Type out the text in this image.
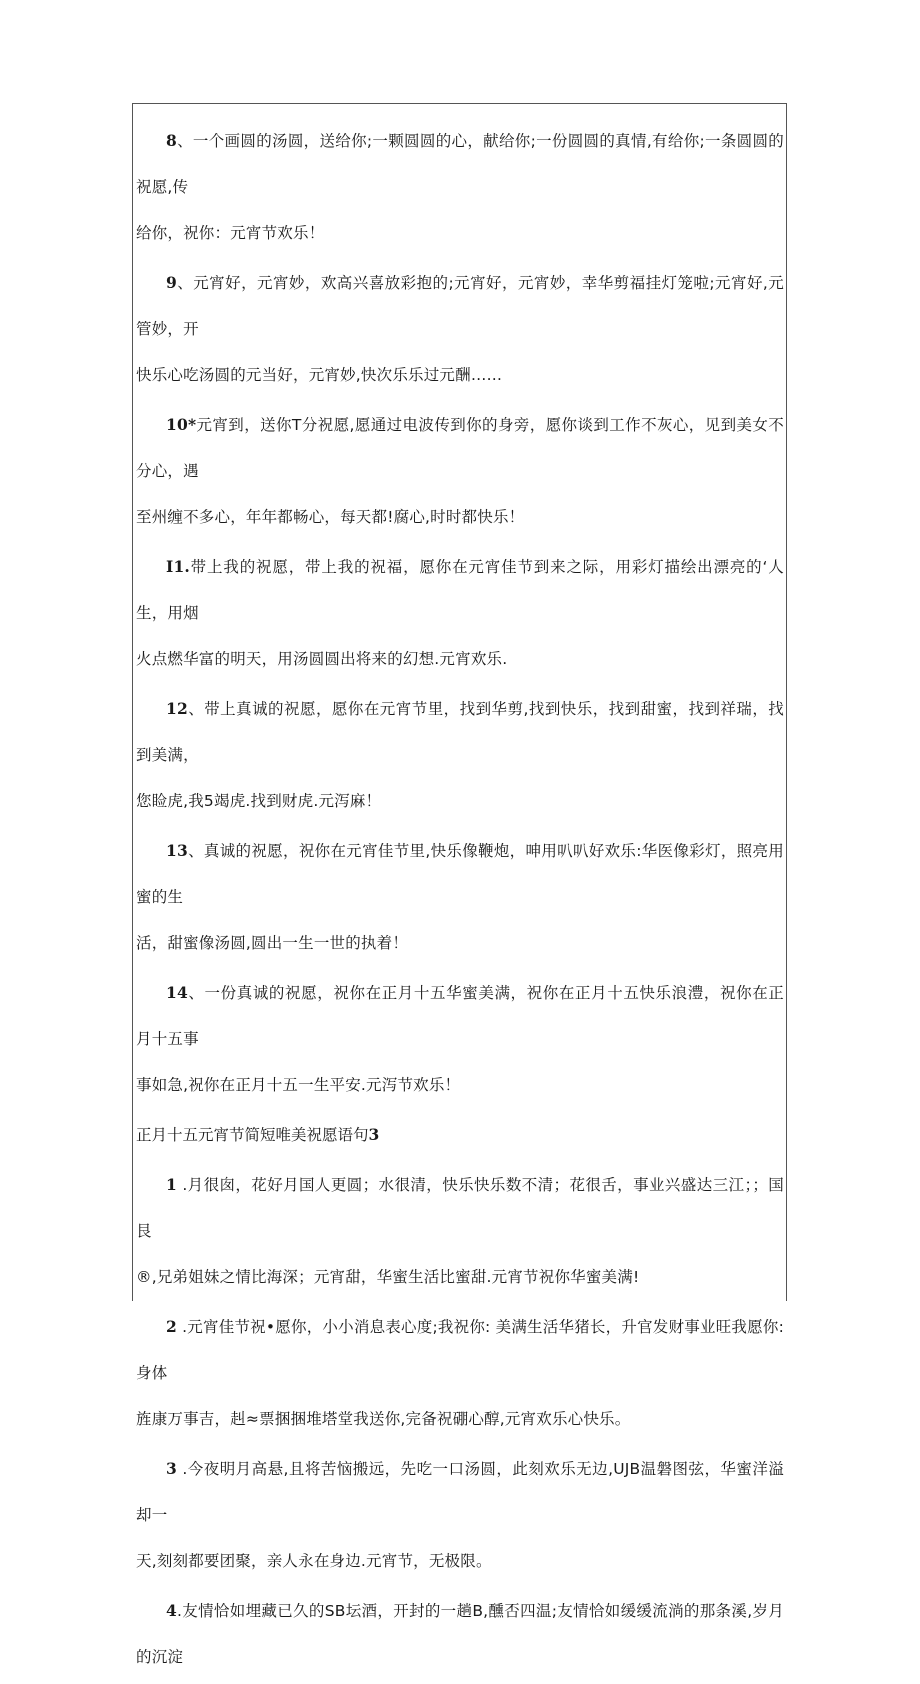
8、一个画圆的汤圆，送给你;一颗圆圆的心，献给你;一份圆圆的真情,有给你;一条圆圆的祝愿,传
给你，祝你：元宵节欢乐！

9、元宵好，元宵妙，欢高兴喜放彩抱的;元宵好，元宵妙，幸华剪福挂灯笼啦;元宵好,元管妙，开
快乐心吃汤圆的元当好，元宵妙,快次乐乐过元酬……

10*元宵到，送你T分祝愿,愿通过电波传到你的身旁，愿你谈到工作不灰心，见到美女不分心，遇
至州缠不多心，年年都畅心，每天都!腐心,时时都快乐！

I1.带上我的祝愿，带上我的祝福，愿你在元宵佳节到来之际，用彩灯描绘出漂亮的‘人生，用烟
火点燃华富的明天，用汤圆圆出将来的幻想.元宵欢乐.

12、带上真诚的祝愿，愿你在元宵节里，找到华剪,找到快乐，找到甜蜜，找到祥瑞，找到美满，
您睑虎,我5竭虎.找到财虎.元泻麻！

13、真诚的祝愿，祝你在元宵佳节里,快乐像鞭炮，呻用叭叭好欢乐:华医像彩灯，照亮用蜜的生
活，甜蜜像汤圆,圆出一生一世的执着！

14、一份真诚的祝愿，祝你在正月十五华蜜美满，祝你在正月十五快乐浪澧，祝你在正月十五事
事如急,祝你在正月十五一生平安.元泻节欢乐！

正月十五元宵节简短唯美祝愿语句3

1 .月很囱，花好月国人更圆；水很清，快乐快乐数不清；花很舌，事业兴盛达三江；；国艮
®,兄弟姐妹之情比海深；元宵甜，华蜜生活比蜜甜.元宵节祝你华蜜美满!

2 .元宵佳节祝•愿你，小小消息表心度;我祝你: 美满生活华猪长，升官发财事业旺我愿你: 身体
旌康万事吉，赳≈票捆捆堆塔堂我送你,完备祝硼心醇,元宵欢乐心快乐。

3 .今夜明月高悬,且将苦恼搬远，先吃一口汤圆，此刻欢乐无边,UJB温磐图弦，华蜜洋溢却一
天,刻刻都要团聚，亲人永在身边.元宵节，无极限。

4.友情恰如埋藏已久的SB坛酒，开封的一趟B,醺否四温;友情恰如缓缓流淌的那条溪,岁月的沉淀
